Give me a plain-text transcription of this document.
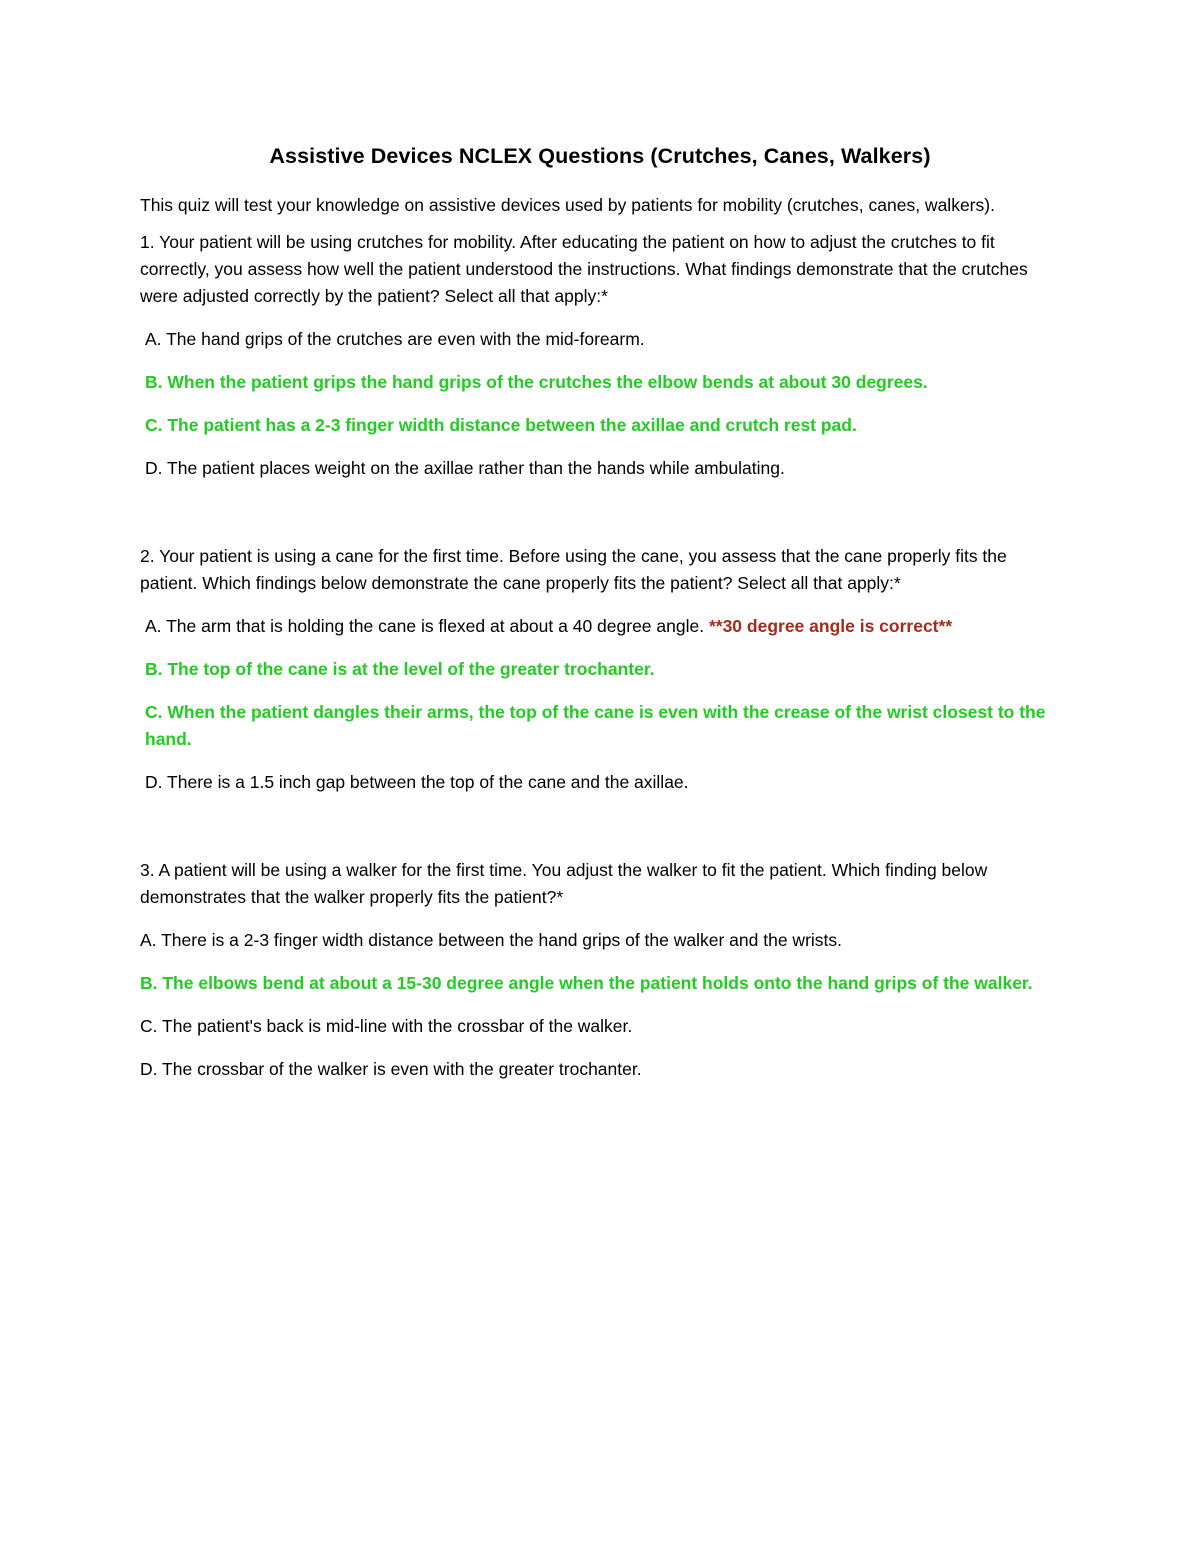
Assistive Devices NCLEX Questions (Crutches, Canes, Walkers)

This quiz will test your knowledge on assistive devices used by patients for mobility (crutches, canes, walkers).

1. Your patient will be using crutches for mobility. After educating the patient on how to adjust the crutches to fit correctly, you assess how well the patient understood the instructions. What findings demonstrate that the crutches were adjusted correctly by the patient? Select all that apply:*

A. The hand grips of the crutches are even with the mid-forearm.
B. When the patient grips the hand grips of the crutches the elbow bends at about 30 degrees.
C. The patient has a 2-3 finger width distance between the axillae and crutch rest pad.
D. The patient places weight on the axillae rather than the hands while ambulating.

2. Your patient is using a cane for the first time. Before using the cane, you assess that the cane properly fits the patient. Which findings below demonstrate the cane properly fits the patient? Select all that apply:*

A. The arm that is holding the cane is flexed at about a 40 degree angle. **30 degree angle is correct**
B. The top of the cane is at the level of the greater trochanter.
C. When the patient dangles their arms, the top of the cane is even with the crease of the wrist closest to the hand.
D. There is a 1.5 inch gap between the top of the cane and the axillae.

3. A patient will be using a walker for the first time. You adjust the walker to fit the patient. Which finding below demonstrates that the walker properly fits the patient?*

A. There is a 2-3 finger width distance between the hand grips of the walker and the wrists.
B. The elbows bend at about a 15-30 degree angle when the patient holds onto the hand grips of the walker.
C. The patient's back is mid-line with the crossbar of the walker.
D. The crossbar of the walker is even with the greater trochanter.
